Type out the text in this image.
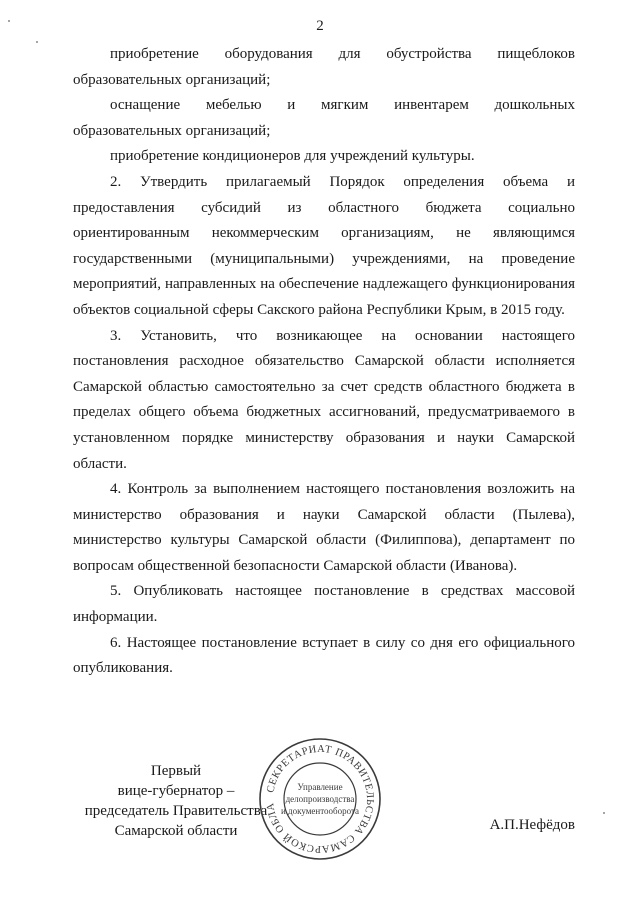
2

приобретение оборудования для обустройства пищеблоков образовательных организаций;

оснащение мебелью и мягким инвентарем дошкольных образовательных организаций;

приобретение кондиционеров для учреждений культуры.

2. Утвердить прилагаемый Порядок определения объема и предоставления субсидий из областного бюджета социально ориентированным некоммерческим организациям, не являющимся государственными (муниципальными) учреждениями, на проведение мероприятий, направленных на обеспечение надлежащего функционирования объектов социальной сферы Сакского района Республики Крым, в 2015 году.

3. Установить, что возникающее на основании настоящего постановления расходное обязательство Самарской области исполняется Самарской областью самостоятельно за счет средств областного бюджета в пределах общего объема бюджетных ассигнований, предусматриваемого в установленном порядке министерству образования и науки Самарской области.

4. Контроль за выполнением настоящего постановления возложить на министерство образования и науки Самарской области (Пылева), министерство культуры Самарской области (Филиппова), департамент по вопросам общественной безопасности Самарской области (Иванова).

5. Опубликовать настоящее постановление в средствах массовой информации.

6. Настоящее постановление вступает в силу со дня его официального опубликования.

Первый
вице-губернатор –
председатель Правительства
Самарской области
СЕКРЕТАРИАТ ПРАВИТЕЛЬСТВА САМАРСКОЙ ОБЛА
Управление
делопроизводства
и документооборота
А.П.Нефёдов
